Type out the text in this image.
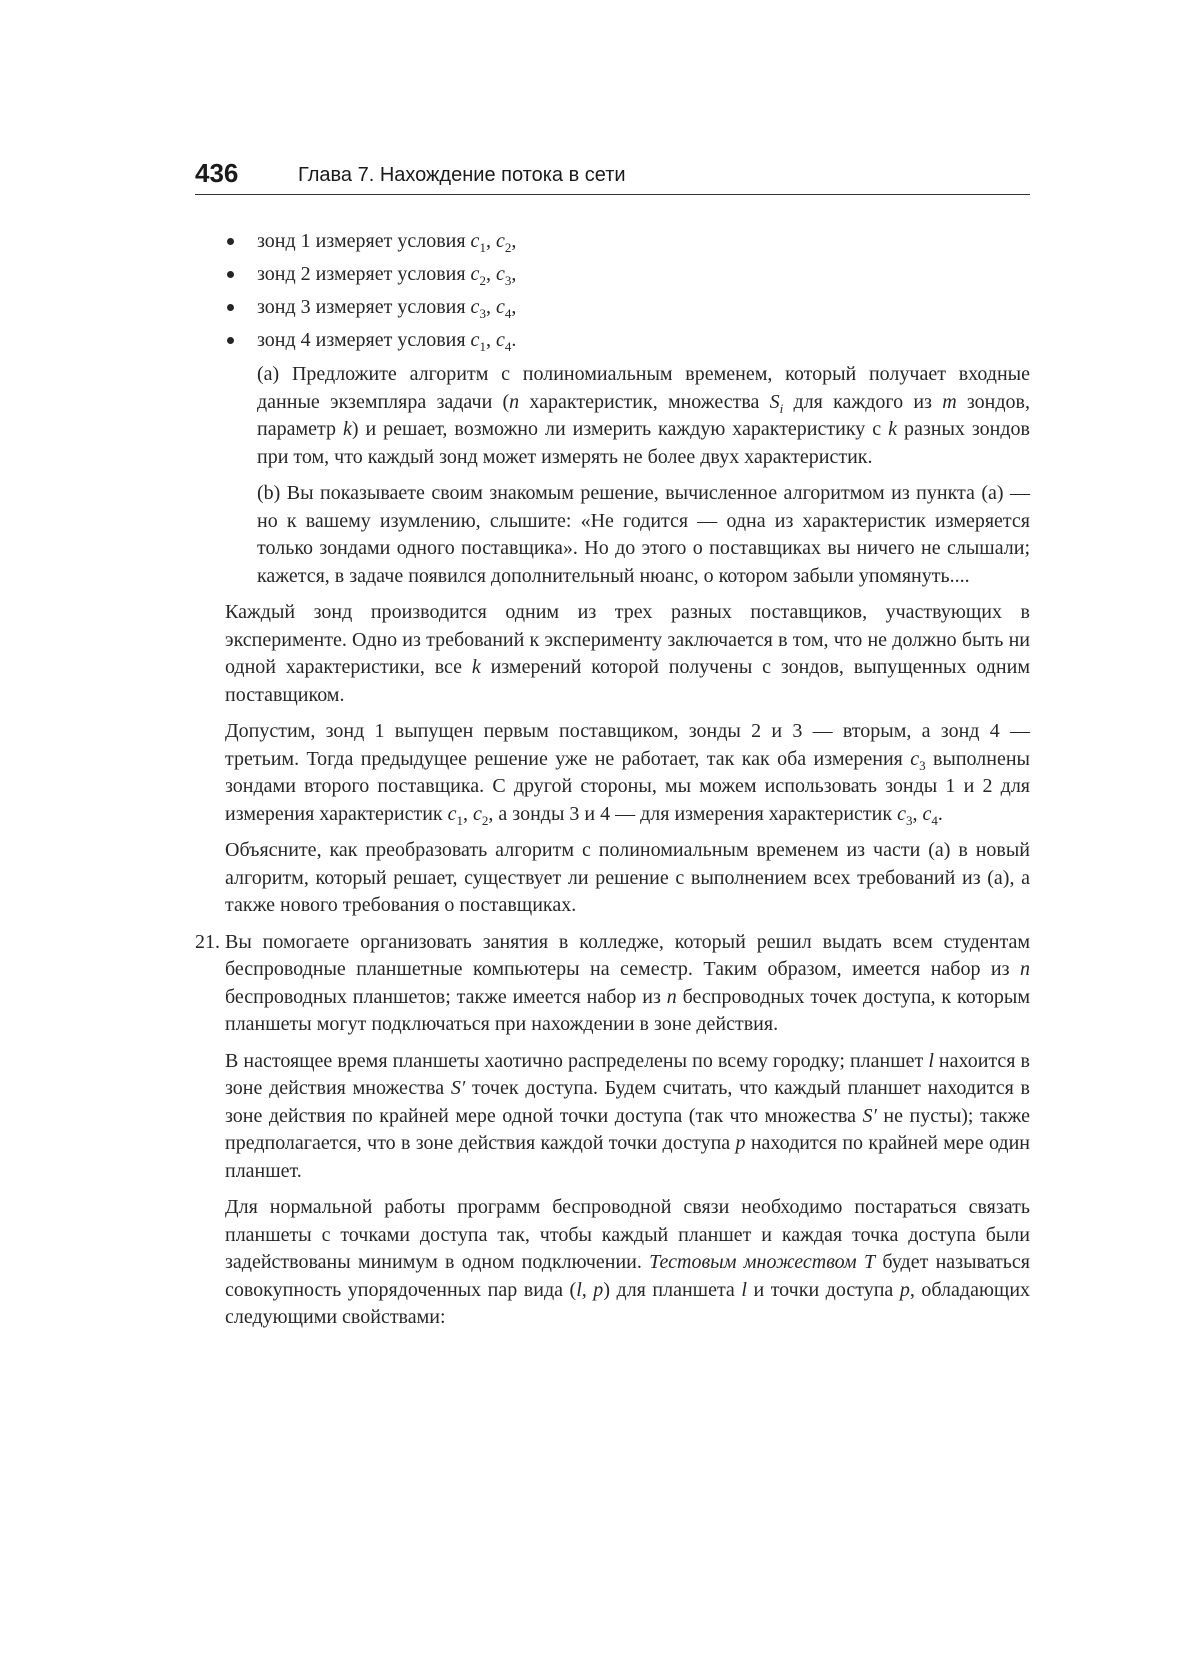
436	Глава 7. Нахождение потока в сети
зонд 1 измеряет условия $c_1$, $c_2$,
зонд 2 измеряет условия $c_2$, $c_3$,
зонд 3 измеряет условия $c_3$, $c_4$,
зонд 4 измеряет условия $c_1$, $c_4$.

(a) Предложите алгоритм с полиномиальным временем, который получает входные данные экземпляра задачи (n характеристик, множества $S_i$ для каждого из m зондов, параметр k) и решает, возможно ли измерить каждую характеристику с k разных зондов при том, что каждый зонд может измерять не более двух характеристик.

(b) Вы показываете своим знакомым решение, вычисленное алгоритмом из пункта (a) — но к вашему изумлению, слышите: «Не годится — одна из характеристик измеряется только зондами одного поставщика». Но до этого о поставщиках вы ничего не слышали; кажется, в задаче появился дополнительный нюанс, о котором забыли упомянуть....

Каждый зонд производится одним из трех разных поставщиков, участвующих в эксперименте. Одно из требований к эксперименту заключается в том, что не должно быть ни одной характеристики, все k измерений которой получены с зондов, выпущенных одним поставщиком.

Допустим, зонд 1 выпущен первым поставщиком, зонды 2 и 3 — вторым, а зонд 4 — третьим. Тогда предыдущее решение уже не работает, так как оба измерения $c_3$ выполнены зондами второго поставщика. С другой стороны, мы можем использовать зонды 1 и 2 для измерения характеристик $c_1$, $c_2$, а зонды 3 и 4 — для измерения характеристик $c_3$, $c_4$.

Объясните, как преобразовать алгоритм с полиномиальным временем из части (a) в новый алгоритм, который решает, существует ли решение с выполнением всех требований из (a), а также нового требования о поставщиках.

21. Вы помогаете организовать занятия в колледже, который решил выдать всем студентам беспроводные планшетные компьютеры на семестр. Таким образом, имеется набор из n беспроводных планшетов; также имеется набор из n беспроводных точек доступа, к которым планшеты могут подключаться при нахождении в зоне действия.

В настоящее время планшеты хаотично распределены по всему городку; планшет l нахоится в зоне действия множества S′ точек доступа. Будем считать, что каждый планшет находится в зоне действия по крайней мере одной точки доступа (так что множества S′ не пусты); также предполагается, что в зоне действия каждой точки доступа p находится по крайней мере один планшет.

Для нормальной работы программ беспроводной связи необходимо постараться связать планшеты с точками доступа так, чтобы каждый планшет и каждая точка доступа были задействованы минимум в одном подключении. Тестовым множеством T будет называться совокупность упорядоченных пар вида (l, p) для планшета l и точки доступа p, обладающих следующими свойствами:
